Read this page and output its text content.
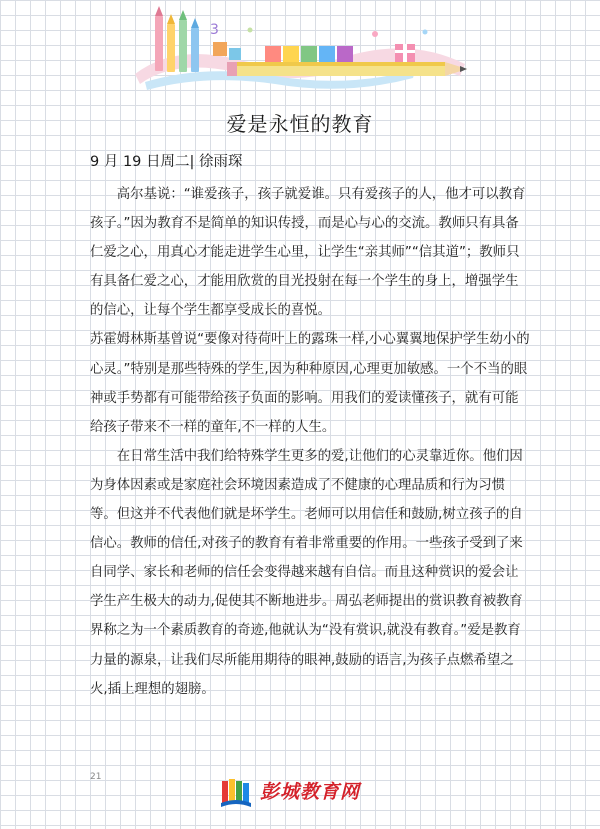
3
爱是永恒的教育
9 月 19 日周二| 徐雨琛

高尔基说：“谁爱孩子，孩子就爱谁。只有爱孩子的人，他才可以教育孩子。”因为教育不是简单的知识传授，而是心与心的交流。教师只有具备仁爱之心，用真心才能走进学生心里，让学生“亲其师”“信其道”；教师只有具备仁爱之心，才能用欣赏的目光投射在每一个学生的身上，增强学生的信心，让每个学生都享受成长的喜悦。

苏霍姆林斯基曾说“要像对待荷叶上的露珠一样,小心翼翼地保护学生幼小的心灵。”特别是那些特殊的学生,因为种种原因,心理更加敏感。一个不当的眼神或手势都有可能带给孩子负面的影响。用我们的爱读懂孩子，就有可能给孩子带来不一样的童年,不一样的人生。

在日常生活中我们给特殊学生更多的爱,让他们的心灵靠近你。他们因为身体因素或是家庭社会环境因素造成了不健康的心理品质和行为习惯等。但这并不代表他们就是坏学生。老师可以用信任和鼓励,树立孩子的自信心。教师的信任,对孩子的教育有着非常重要的作用。一些孩子受到了来自同学、家长和老师的信任会变得越来越有自信。而且这种赏识的爱会让学生产生极大的动力,促使其不断地进步。周弘老师提出的赏识教育被教育界称之为一个素质教育的奇迹,他就认为“没有赏识,就没有教育。”爱是教育力量的源泉，让我们尽所能用期待的眼神,鼓励的语言,为孩子点燃希望之火,插上理想的翅膀。

21
彭城教育网
